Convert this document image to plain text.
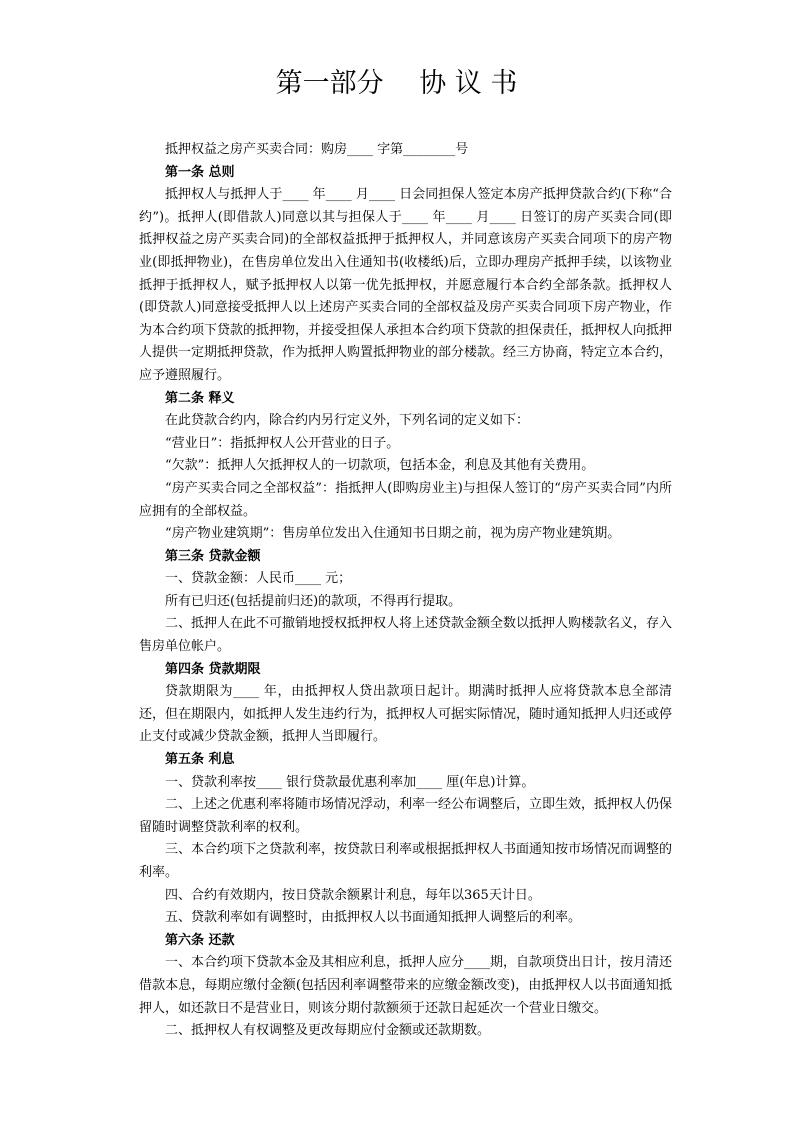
第一部分　 协 议 书

抵押权益之房产买卖合同：购房____ 字第________号

第一条 总则

抵押权人与抵押人于____ 年____ 月____ 日会同担保人签定本房产抵押贷款合约(下称“合约”)。抵押人(即借款人)同意以其与担保人于____ 年____ 月____ 日签订的房产买卖合同(即抵押权益之房产买卖合同)的全部权益抵押于抵押权人，并同意该房产买卖合同项下的房产物业(即抵押物业)，在售房单位发出入住通知书(收楼纸)后，立即办理房产抵押手续，以该物业抵押于抵押权人，赋予抵押权人以第一优先抵押权，并愿意履行本合约全部条款。抵押权人(即贷款人)同意接受抵押人以上述房产买卖合同的全部权益及房产买卖合同项下房产物业，作为本合约项下贷款的抵押物，并接受担保人承担本合约项下贷款的担保责任，抵押权人向抵押人提供一定期抵押贷款，作为抵押人购置抵押物业的部分楼款。经三方协商，特定立本合约，应予遵照履行。

第二条 释义

在此贷款合约内，除合约内另行定义外，下列名词的定义如下：

“营业日”：指抵押权人公开营业的日子。

“欠款”：抵押人欠抵押权人的一切款项，包括本金，利息及其他有关费用。

“房产买卖合同之全部权益”：指抵押人(即购房业主)与担保人签订的“房产买卖合同”内所应拥有的全部权益。

“房产物业建筑期”：售房单位发出入住通知书日期之前，视为房产物业建筑期。

第三条 贷款金额

一、贷款金额：人民币____ 元；

所有已归还(包括提前归还)的款项，不得再行提取。

二、抵押人在此不可撤销地授权抵押权人将上述贷款金额全数以抵押人购楼款名义，存入售房单位帐户。

第四条 贷款期限

贷款期限为____ 年，由抵押权人贷出款项日起计。期满时抵押人应将贷款本息全部清还，但在期限内，如抵押人发生违约行为，抵押权人可据实际情况，随时通知抵押人归还或停止支付或减少贷款金额，抵押人当即履行。

第五条 利息

一、贷款利率按____ 银行贷款最优惠利率加____ 厘(年息)计算。

二、上述之优惠利率将随市场情况浮动，利率一经公布调整后，立即生效，抵押权人仍保留随时调整贷款利率的权利。

三、本合约项下之贷款利率，按贷款日利率或根据抵押权人书面通知按市场情况而调整的利率。

四、合约有效期内，按日贷款余额累计利息，每年以365天计日。

五、贷款利率如有调整时，由抵押权人以书面通知抵押人调整后的利率。

第六条 还款

一、本合约项下贷款本金及其相应利息，抵押人应分____期，自款项贷出日计，按月清还借款本息，每期应缴付金额(包括因利率调整带来的应缴金额改变)，由抵押权人以书面通知抵押人，如还款日不是营业日，则该分期付款额须于还款日起延次一个营业日缴交。

二、抵押权人有权调整及更改每期应付金额或还款期数。
